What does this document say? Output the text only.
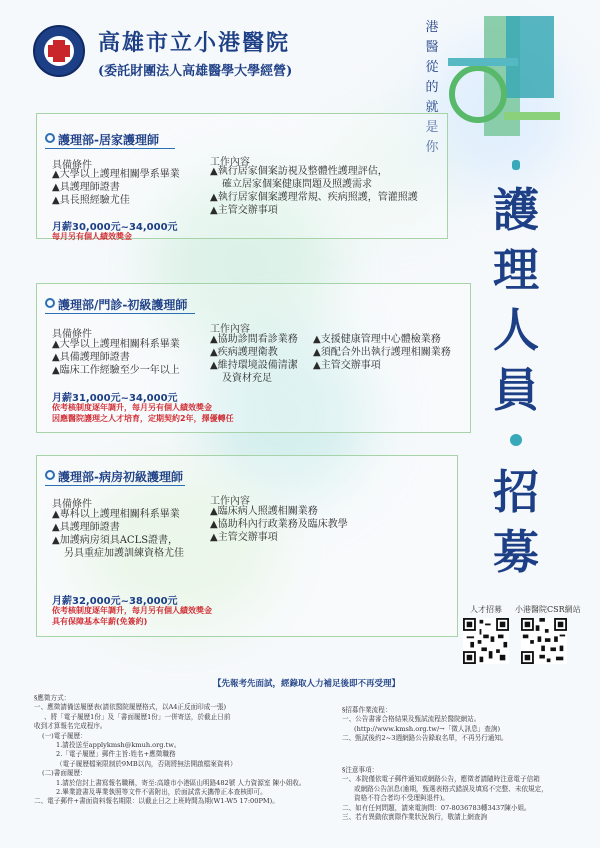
1998
高雄市立小港醫院
(委託財團法人高雄醫學大學經營)
港醫從的就是你
護
理
人
員
招
募
護理部-居家護理師
具備條件
▲大學以上護理相關學系畢業
▲具護理師證書
▲具長照經驗尤佳
工作內容
▲執行居家個案訪視及整體性護理評估，
確立居家個案健康問題及照護需求
▲執行居家個案護理常規、疾病照護，管灌照護
▲主管交辦事項
月薪30,000元~34,000元
每月另有個人績效獎金
護理部/門診-初級護理師
具備條件
▲大學以上護理相關科系畢業
▲具備護理師證書
▲臨床工作經驗至少一年以上
工作內容
▲協助診間看診業務
▲疾病護理衛教
▲維持環境設備清潔
及資材充足
▲支援健康管理中心體檢業務
▲須配合外出執行護理相關業務
▲主管交辦事項
月薪31,000元~34,000元
依考核制度逐年調升，每月另有個人績效獎金
因應醫院護理之人才培育，定期契約2年，擇優轉任
護理部-病房初級護理師
具備條件
▲專科以上護理相關科系畢業
▲具護理師證書
▲加護病房須具ACLS證書，
另具重症加護訓練資格尤佳
工作內容
▲臨床病人照護相關業務
▲協助科內行政業務及臨床教學
▲主管交辦事項
月薪32,000元~38,000元
依考核制度逐年調升，每月另有個人績效獎金
具有保障基本年薪(免簽約)
人才招募 小港醫院CSR網站
【先報考先面試，經錄取人力補足後即不再受理】

§應徵方式：

一、應徵請備送履歷表(請依醫院履歷格式，以A4正反面印成一張)

、將「電子履歷1份」及「書面履歷1份」一併寄送，於截止日前

收到才算報名完成程序。

(一)電子履歷：

1.請投送至applykmsh@kmuh.org.tw。

2.「電子履歷」郵件主旨:姓名+應徵職務

（電子履歷檔案限制於9MB以內，否則將無法開啟檔案資料）

(二)書面履歷：

1.請於信封上書寫報名職稱，寄至:高雄市小港區山明路482號 人力資源室 陳小姐收。

2.畢業證書及專業執照等文件不需附出，於面試當天攜帶正本查核即可。

二、電子郵件+書面資料報名期限：以截止日之上班時間為期(W1-W5 17:00PM)。

§招募作業流程：

一、公告書審合格結果及甄試流程於醫院網站。

(http://www.kmsh.org.tw/→「徵人訊息」查詢)

二、甄試後約2~3週網路公告錄取名單，不再另行通知。

§注意事項：

一、本院僅依電子郵件通知或網路公告，應徵者請隨時注意電子信箱

或網路公告訊息(逾期，甄選表格式錯誤及填寫不完整、未依規定，

資格不符合者均不受理與退件)。

二、如有任何問題，請來電詢問：07-8036783轉3437陳小姐。

三、若有異動依實際作業狀況執行，敬請上網查詢
